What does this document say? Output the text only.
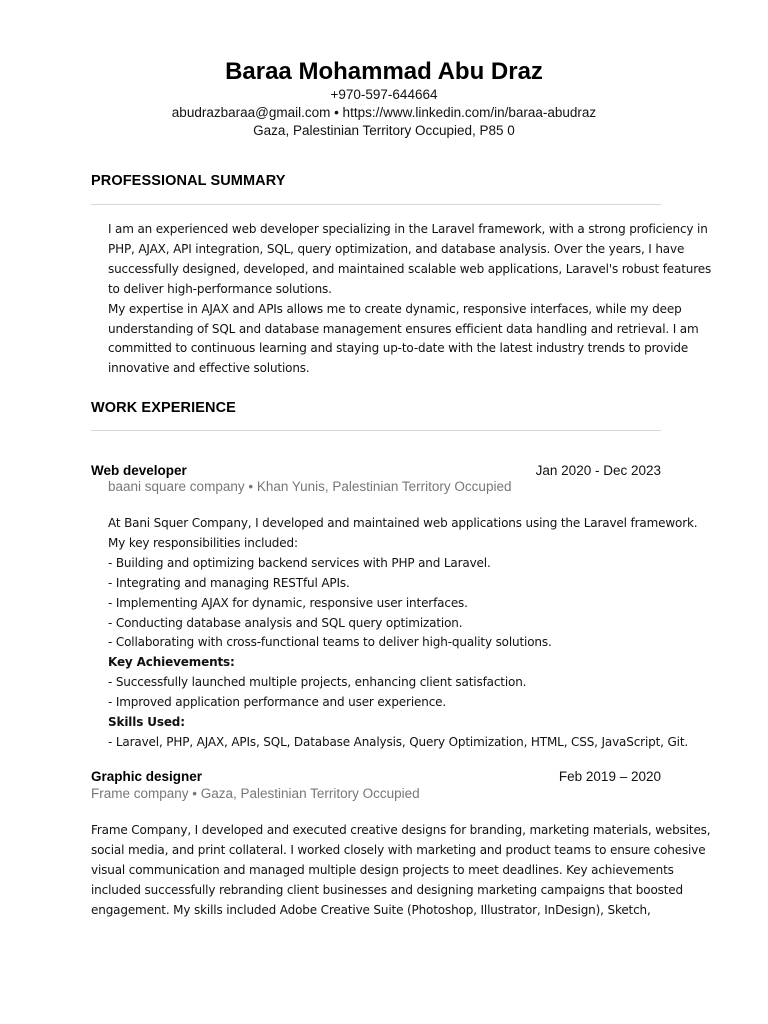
Baraa Mohammad Abu Draz
+970-597-644664
abudrazbaraa@gmail.com • https://www.linkedin.com/in/baraa-abudraz
Gaza, Palestinian Territory Occupied, P85 0
PROFESSIONAL SUMMARY
I am an experienced web developer specializing in the Laravel framework, with a strong proficiency in
PHP, AJAX, API integration, SQL, query optimization, and database analysis. Over the years, I have
successfully designed, developed, and maintained scalable web applications, Laravel's robust features
to deliver high-performance solutions.
My expertise in AJAX and APIs allows me to create dynamic, responsive interfaces, while my deep
understanding of SQL and database management ensures efficient data handling and retrieval. I am
committed to continuous learning and staying up-to-date with the latest industry trends to provide
innovative and effective solutions.
WORK EXPERIENCE
Web developer	Jan 2020 - Dec 2023
baani square company • Khan Yunis, Palestinian Territory Occupied
At Bani Squer Company, I developed and maintained web applications using the Laravel framework.
My key responsibilities included:
- Building and optimizing backend services with PHP and Laravel.
- Integrating and managing RESTful APIs.
- Implementing AJAX for dynamic, responsive user interfaces.
- Conducting database analysis and SQL query optimization.
- Collaborating with cross-functional teams to deliver high-quality solutions.
Key Achievements:
- Successfully launched multiple projects, enhancing client satisfaction.
- Improved application performance and user experience.
Skills Used:
- Laravel, PHP, AJAX, APIs, SQL, Database Analysis, Query Optimization, HTML, CSS, JavaScript, Git.
Graphic designer	Feb 2019 – 2020
Frame company • Gaza, Palestinian Territory Occupied
Frame Company, I developed and executed creative designs for branding, marketing materials, websites,
social media, and print collateral. I worked closely with marketing and product teams to ensure cohesive
visual communication and managed multiple design projects to meet deadlines. Key achievements
included successfully rebranding client businesses and designing marketing campaigns that boosted
engagement. My skills included Adobe Creative Suite (Photoshop, Illustrator, InDesign), Sketch,
